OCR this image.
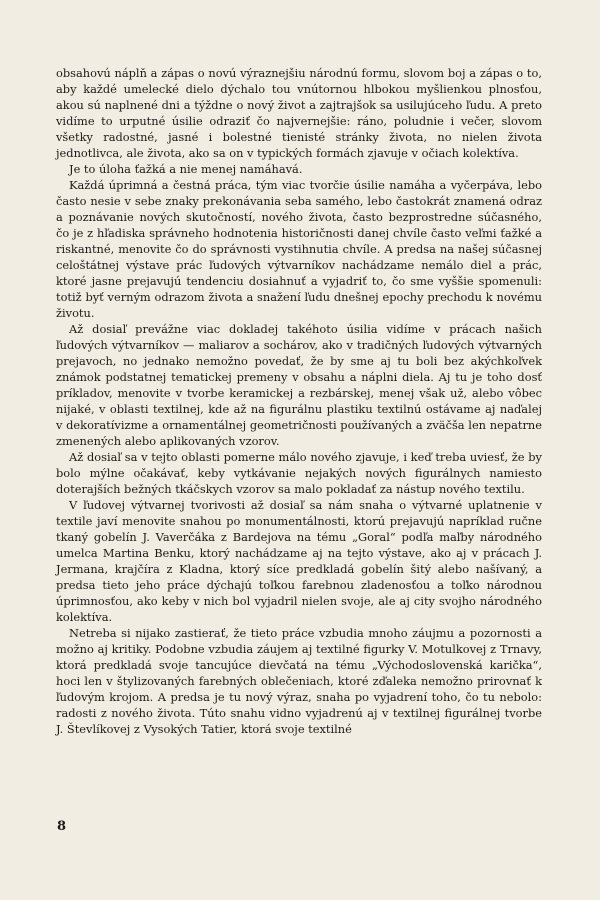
obsahovú náplň a zápas o novú výraznejšiu národnú formu, slovom boj a zápas o to, aby každé umelecké dielo dýchalo tou vnútornou hlbokou myšlienkou plnosťou, akou sú naplnené dni a týždne o nový život a zajtrajšok sa usilujúceho ľudu. A preto vidíme to urputné úsilie odraziť čo najvernejšie: ráno, poludnie i večer, slovom všetky radostné, jasné i bolestné tienisté stránky života, no nielen života jednotlivca, ale života, ako sa on v typických formách zjavuje v očiach kolektíva.

Je to úloha ťažká a nie menej namáhavá.

Každá úprimná a čestná práca, tým viac tvorčie úsilie namáha a vyčerpáva, lebo často nesie v sebe znaky prekonávania seba samého, lebo častokrát znamená odraz a poznávanie nových skutočností, nového života, často bezprostredne súčasného, čo je z hľadiska správneho hodnotenia historičnosti danej chvíle často veľmi ťažké a riskantné, menovite čo do správnosti vystihnutia chvíle. A predsa na našej súčasnej celoštátnej výstave prác ľudových výtvarníkov nachádzame nemálo diel a prác, ktoré jasne prejavujú tendenciu dosiahnuť a vyjadriť to, čo sme vyššie spomenuli: totiž byť verným odrazom života a snažení ľudu dnešnej epochy prechodu k novému životu.

Až dosiaľ prevážne viac dokladej takéhoto úsilia vidíme v prácach našich ľudových výtvarníkov — maliarov a sochárov, ako v tradičných ľudových výtvarných prejavoch, no jednako nemožno povedať, že by sme aj tu boli bez akýchkoľvek známok podstatnej tematickej premeny v obsahu a náplni diela. Aj tu je toho dosť príkladov, menovite v tvorbe keramickej a rezbárskej, menej však už, alebo vôbec nijaké, v oblasti textilnej, kde až na figurálnu plastiku textilnú ostávame aj naďalej v dekoratívizme a ornamentálnej geometričnosti používaných a zväčša len nepatrne zmenených alebo aplikovaných vzorov.

Až dosiaľ sa v tejto oblasti pomerne málo nového zjavuje, i keď treba uviesť, že by bolo mýlne očakávať, keby vytkávanie nejakých nových figurálnych namiesto doterajších bežných tkáčskych vzorov sa malo pokladať za nástup nového textilu.

V ľudovej výtvarnej tvorivosti až dosiaľ sa nám snaha o výtvarné uplatnenie v textile javí menovite snahou po monumentálnosti, ktorú prejavujú napríklad ručne tkaný gobelín J. Vaverčáka z Bardejova na tému „Goral“ podľa maľby národného umelca Martina Benku, ktorý nachádzame aj na tejto výstave, ako aj v prácach J. Jermana, krajčíra z Kladna, ktorý síce predkladá gobelín šitý alebo našívaný, a predsa tieto jeho práce dýchajú toľkou farebnou zladenosťou a toľko národnou úprimnosťou, ako keby v nich bol vyjadril nielen svoje, ale aj city svojho národného kolektíva.

Netreba si nijako zastierať, že tieto práce vzbudia mnoho záujmu a pozornosti a možno aj kritiky. Podobne vzbudia záujem aj textilné figurky V. Motulkovej z Trnavy, ktorá predkladá svoje tancujúce dievčatá na tému „Východoslovenská karička“, hoci len v štylizovaných farebných oblečeniach, ktoré zďaleka nemožno prirovnať k ľudovým krojom. A predsa je tu nový výraz, snaha po vyjadrení toho, čo tu nebolo: radosti z nového života. Túto snahu vidno vyjadrenú aj v textilnej figurálnej tvorbe J. Števlíkovej z Vysokých Tatier, ktorá svoje textilné

8
